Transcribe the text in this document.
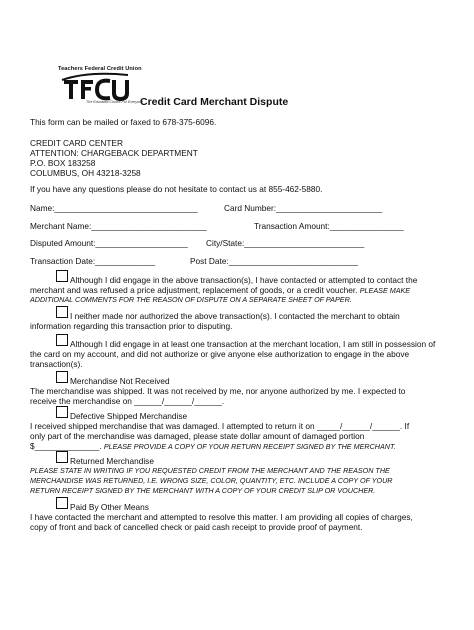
Teachers Federal Credit Union
The Educated Choice For Everyone
Credit Card Merchant Dispute
This form can be mailed or faxed to 678-375-6096.
CREDIT CARD CENTER
ATTENTION: CHARGEBACK DEPARTMENT
P.O. BOX 183258
COLUMBUS, OH 43218-3258
If you have any questions please do not hesitate to contact us at 855-462-5880.
Name:_______________________________	Card Number:_______________________
Merchant Name:_________________________	Transaction Amount:________________
Disputed Amount:____________________ City/State:__________________________
Transaction Date:_____________	Post Date:____________________________
Although I did engage in the above transaction(s), I have contacted or attempted to contact the
merchant and was refused a price adjustment, replacement of goods, or a credit voucher. PLEASE MAKE
ADDITIONAL COMMENTS FOR THE REASON OF DISPUTE ON A SEPARATE SHEET OF PAPER.
I neither made nor authorized the above transaction(s). I contacted the merchant to obtain
information regarding this transaction prior to disputing.
Although I did engage in at least one transaction at the merchant location, I am still in possession of
the card on my account, and did not authorize or give anyone else authorization to engage in the above
transaction(s).
Merchandise Not Received
The merchandise was shipped. It was not received by me, nor anyone authorized by me. I expected to
receive the merchandise on ______/______/______.
Defective Shipped Merchandise
I received shipped merchandise that was damaged. I attempted to return it on _____/______/______. If
only part of the merchandise was damaged, please state dollar amount of damaged portion
$______________. PLEASE PROVIDE A COPY OF YOUR RETURN RECEIPT SIGNED BY THE MERCHANT.
Returned Merchandise
PLEASE STATE IN WRITING IF YOU REQUESTED CREDIT FROM THE MERCHANT AND THE REASON THE
MERCHANDISE WAS RETURNED, I.E. WRONG SIZE, COLOR, QUANTITY, ETC. INCLUDE A COPY OF YOUR
RETURN RECEIPT SIGNED BY THE MERCHANT WITH A COPY OF YOUR CREDIT SLIP OR VOUCHER.
Paid By Other Means
I have contacted the merchant and attempted to resolve this matter. I am providing all copies of charges,
copy of front and back of cancelled check or paid cash receipt to provide proof of payment.
